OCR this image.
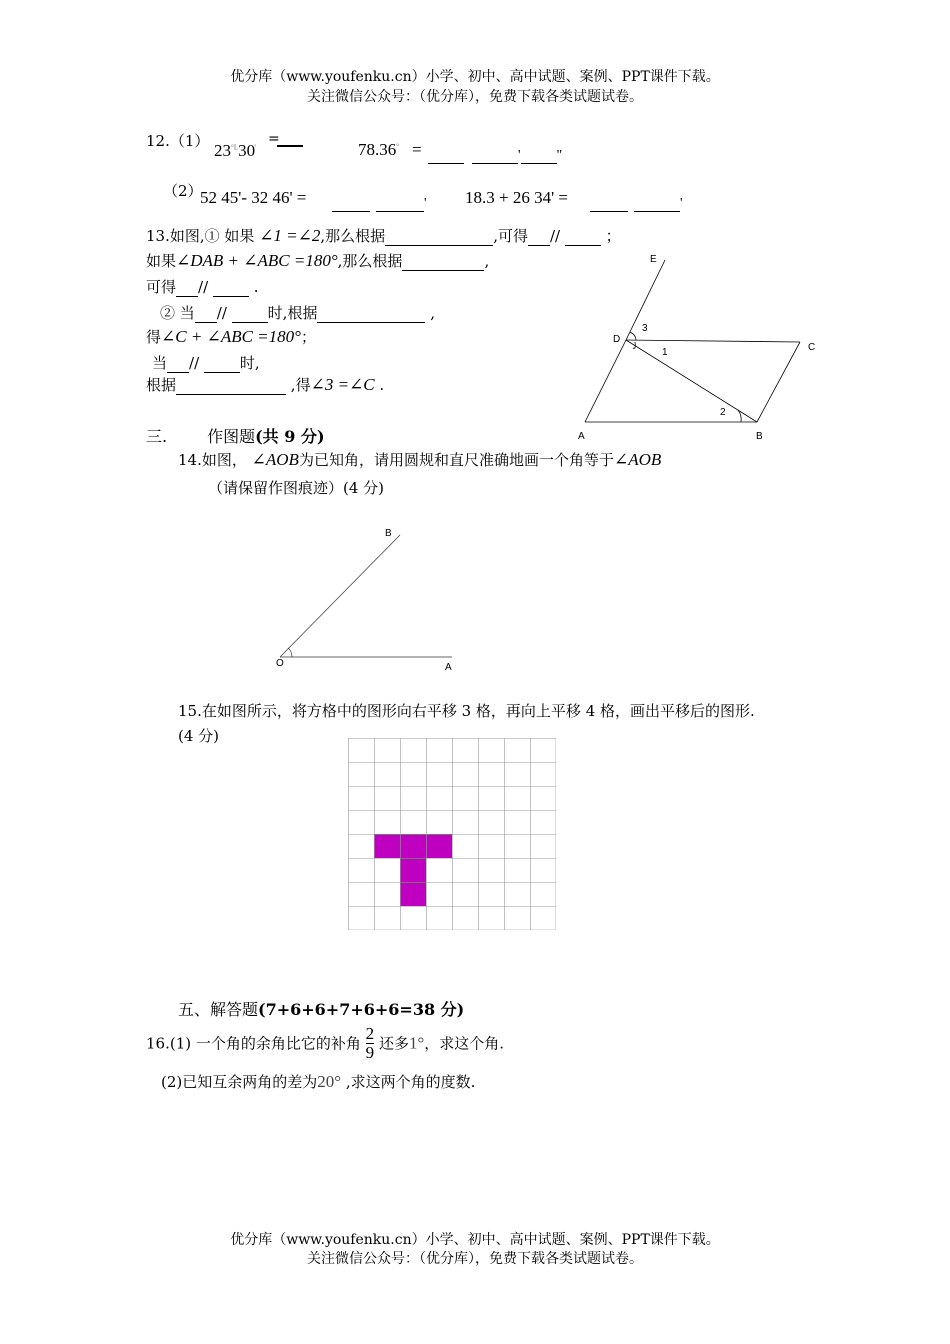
优分库（www.youfenku.cn）小学、初中、高中试题、案例、PPT课件下载。
关注微信公众号：（优分库），免费下载各类试题试卷。
12.（1） $23^{^\circ L}30'$
=
78.36° =	'	"
（2）
52 45'- 32 46' =	' 18.3 + 26 34' =	'
13.如图,① 如果 ∠1 =∠2,那么根据	,可得 //	；
如果∠DAB + ∠ABC =180°,那么根据	,
可得 //	.
② 当 //	时,根据	,
得∠C + ∠ABC =180°；
当 //	时,
根据	,得∠3 =∠C .
E
D
C
A	B
1
2
3
三.	作图题(共 9 分)
14.如图， ∠AOB为已知角，请用圆规和直尺准确地画一个角等于∠AOB
（请保留作图痕迹）(4 分)
B
O	A
15.在如图所示，将方格中的图形向右平移 3 格，再向上平移 4 格，画出平移后的图形.
(4 分)
五、解答题(7+6+6+7+6+6=38 分)
16.(1) 一个角的余角比它的补角 $\frac{2}{9}$ 还多1°，求这个角.
(2)已知互余两角的差为20° ,求这两个角的度数.
优分库（www.youfenku.cn）小学、初中、高中试题、案例、PPT课件下载。
关注微信公众号：（优分库），免费下载各类试题试卷。
